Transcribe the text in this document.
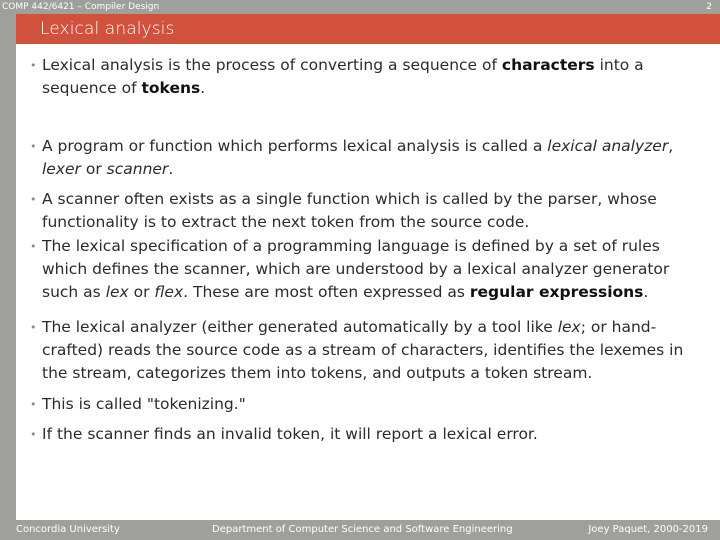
COMP 442/6421 – Compiler Design	2
Lexical analysis
• Lexical analysis is the process of converting a sequence of characters into a sequence of tokens.
• A program or function which performs lexical analysis is called a lexical analyzer, lexer or scanner.
• A scanner often exists as a single function which is called by the parser, whose functionality is to extract the next token from the source code.
• The lexical specification of a programming language is defined by a set of rules which defines the scanner, which are understood by a lexical analyzer generator such as lex or flex. These are most often expressed as regular expressions.
• The lexical analyzer (either generated automatically by a tool like lex; or hand-crafted) reads the source code as a stream of characters, identifies the lexemes in the stream, categorizes them into tokens, and outputs a token stream.
• This is called "tokenizing."
• If the scanner finds an invalid token, it will report a lexical error.
Concordia University	Department of Computer Science and Software Engineering	Joey Paquet, 2000-2019
